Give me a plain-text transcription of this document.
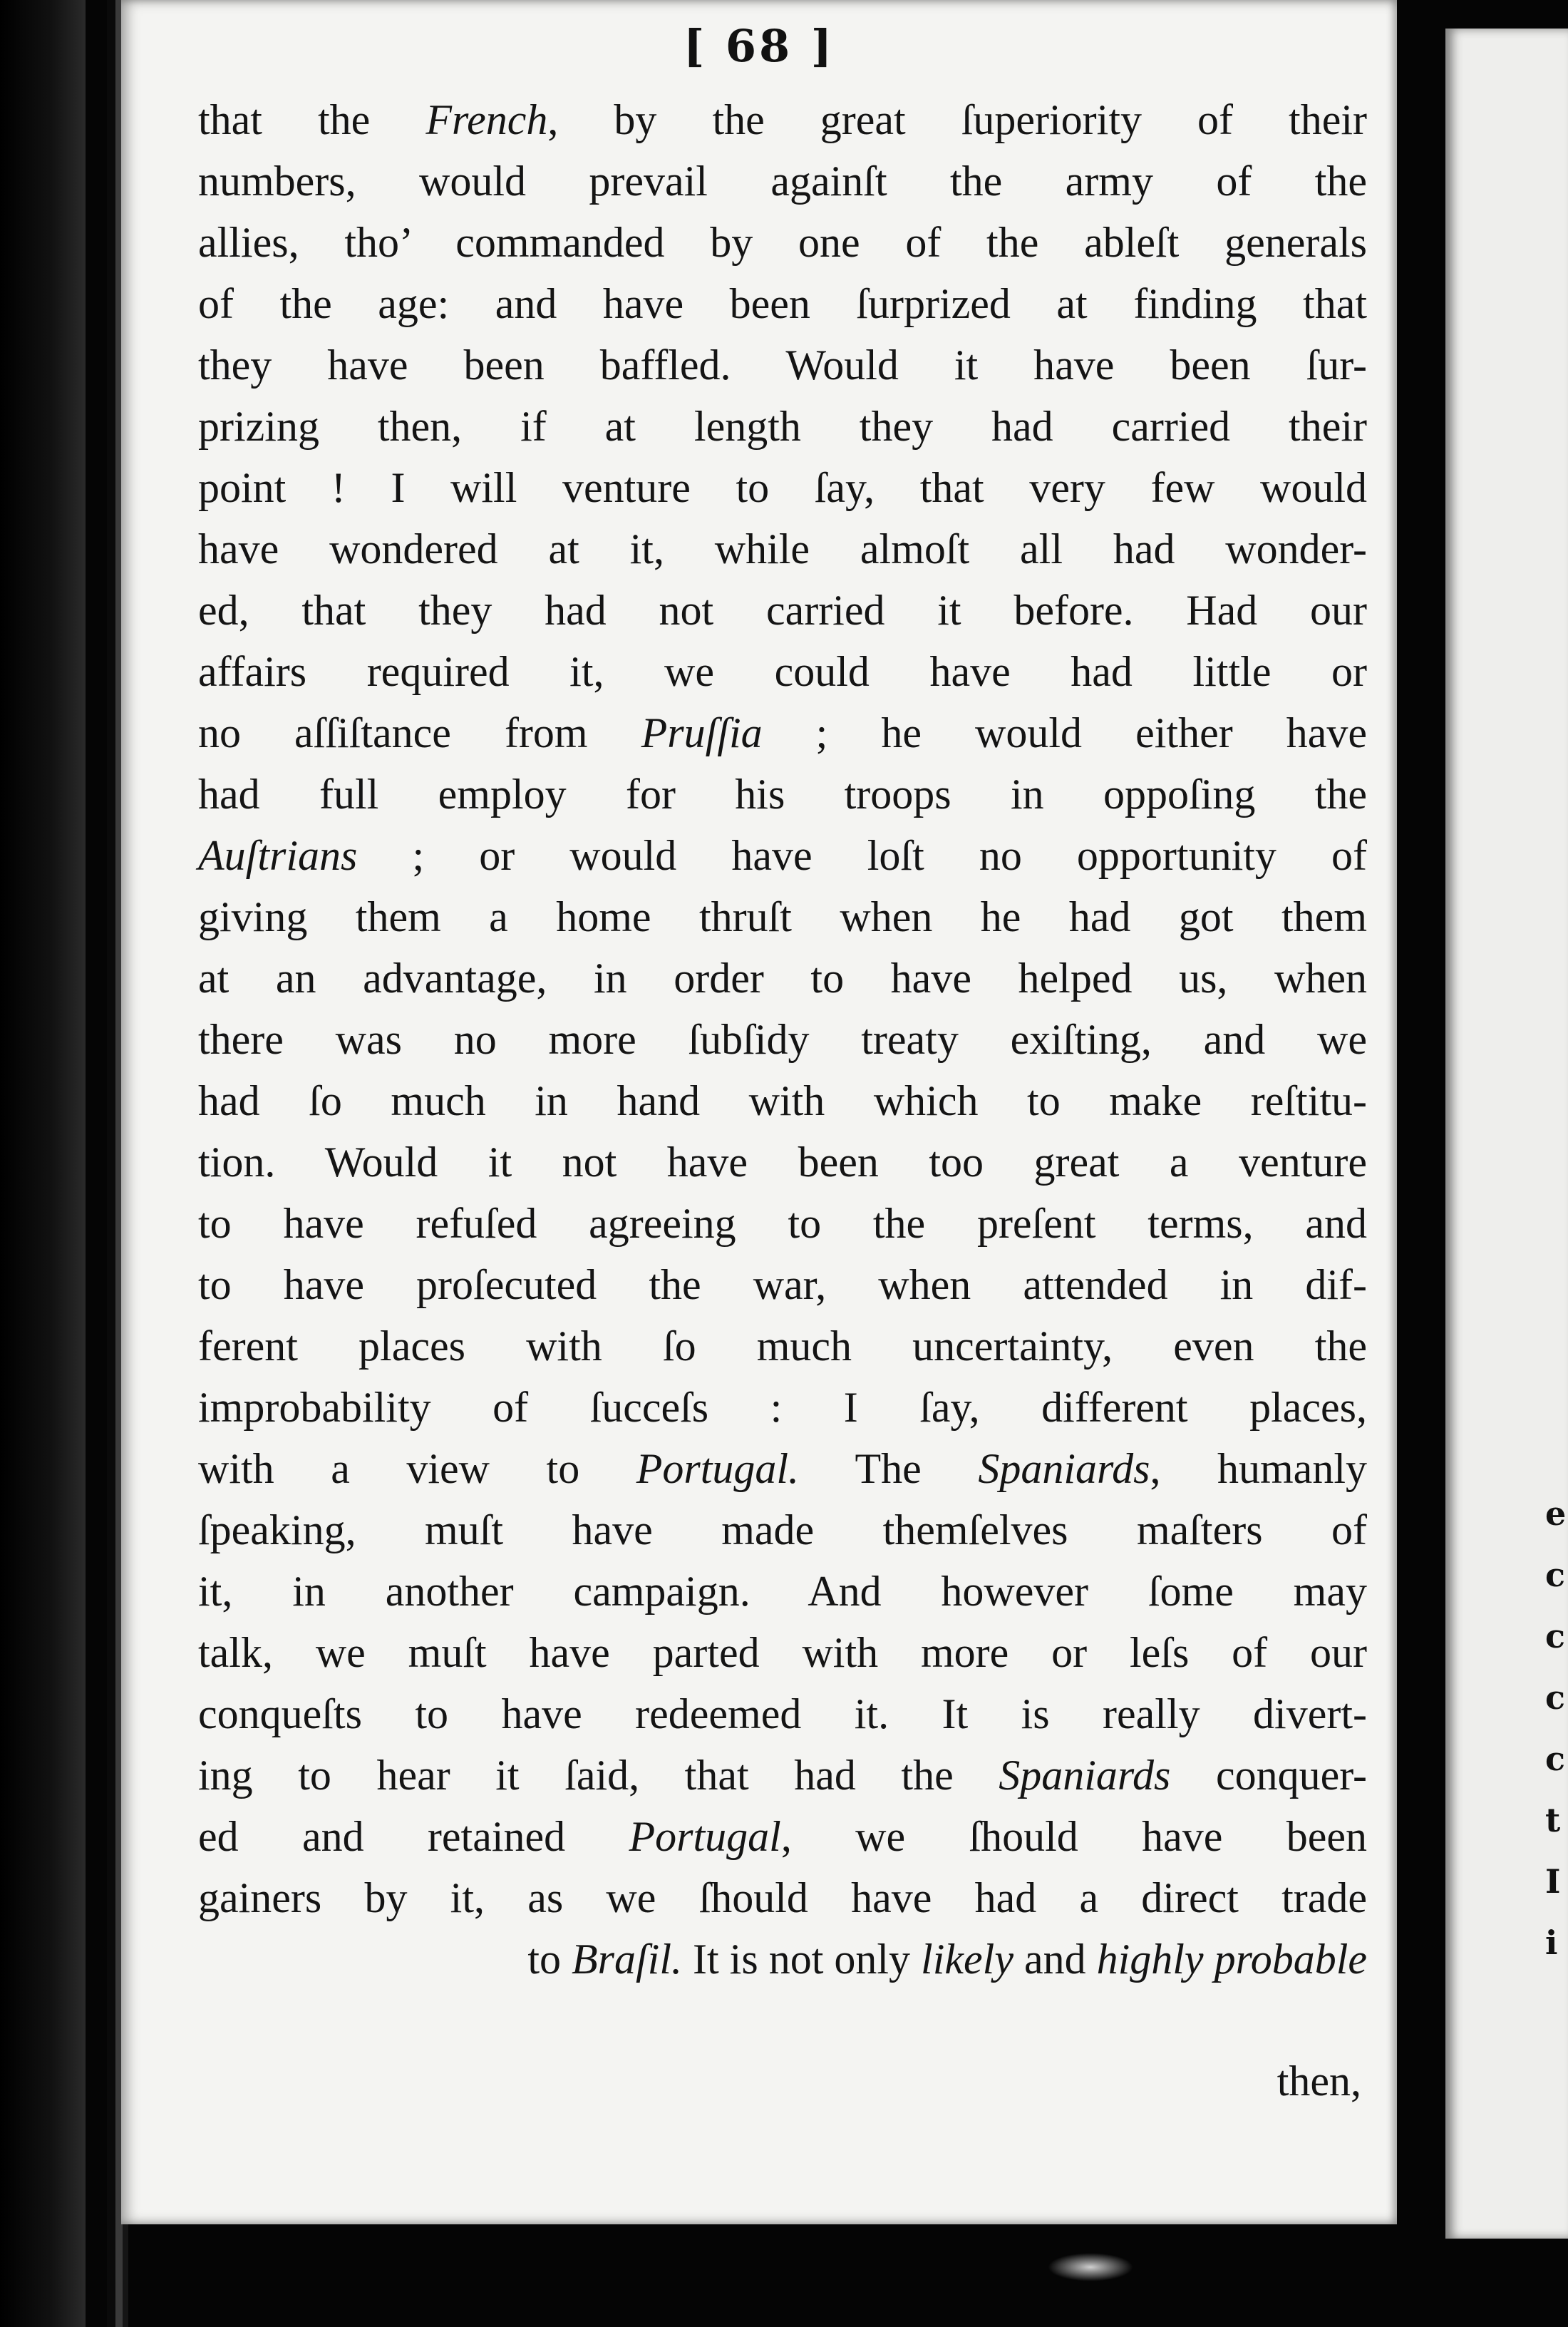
that the French, by the great ſuperiority of their
numbers, would prevail againſt the army of the
allies, tho’ commanded by one of the ableſt generals
of the age: and have been ſurprized at finding that
they have been baffled. Would it have been ſur-
prizing then, if at length they had carried their
point ! I will venture to ſay, that very few would
have wondered at it, while almoſt all had wonder-
ed, that they had not carried it before. Had our
affairs required it, we could have had little or
no aſſiſtance from Pruſſia ; he would either have
had full employ for his troops in oppoſing the
Auſtrians ; or would have loſt no opportunity of
giving them a home thruſt when he had got them
at an advantage, in order to have helped us, when
there was no more ſubſidy treaty exiſting, and we
had ſo much in hand with which to make reſtitu-
tion. Would it not have been too great a venture
to have refuſed agreeing to the preſent terms, and
to have proſecuted the war, when attended in dif-
ferent places with ſo much uncertainty, even the
improbability of ſucceſs : I ſay, different places,
with a view to Portugal. The Spaniards, humanly
ſpeaking, muſt have made themſelves maſters of
it, in another campaign. And however ſome may
talk, we muſt have parted with more or leſs of our
conqueſts to have redeemed it. It is really divert-
ing to hear it ſaid, that had the Spaniards conquer-
ed and retained Portugal, we ſhould have been
gainers by it, as we ſhould have had a direct trade
to Braſil. It is not only likely and highly probable
then,
[ 68 ]
e
c
c
c
c
t
I
i
